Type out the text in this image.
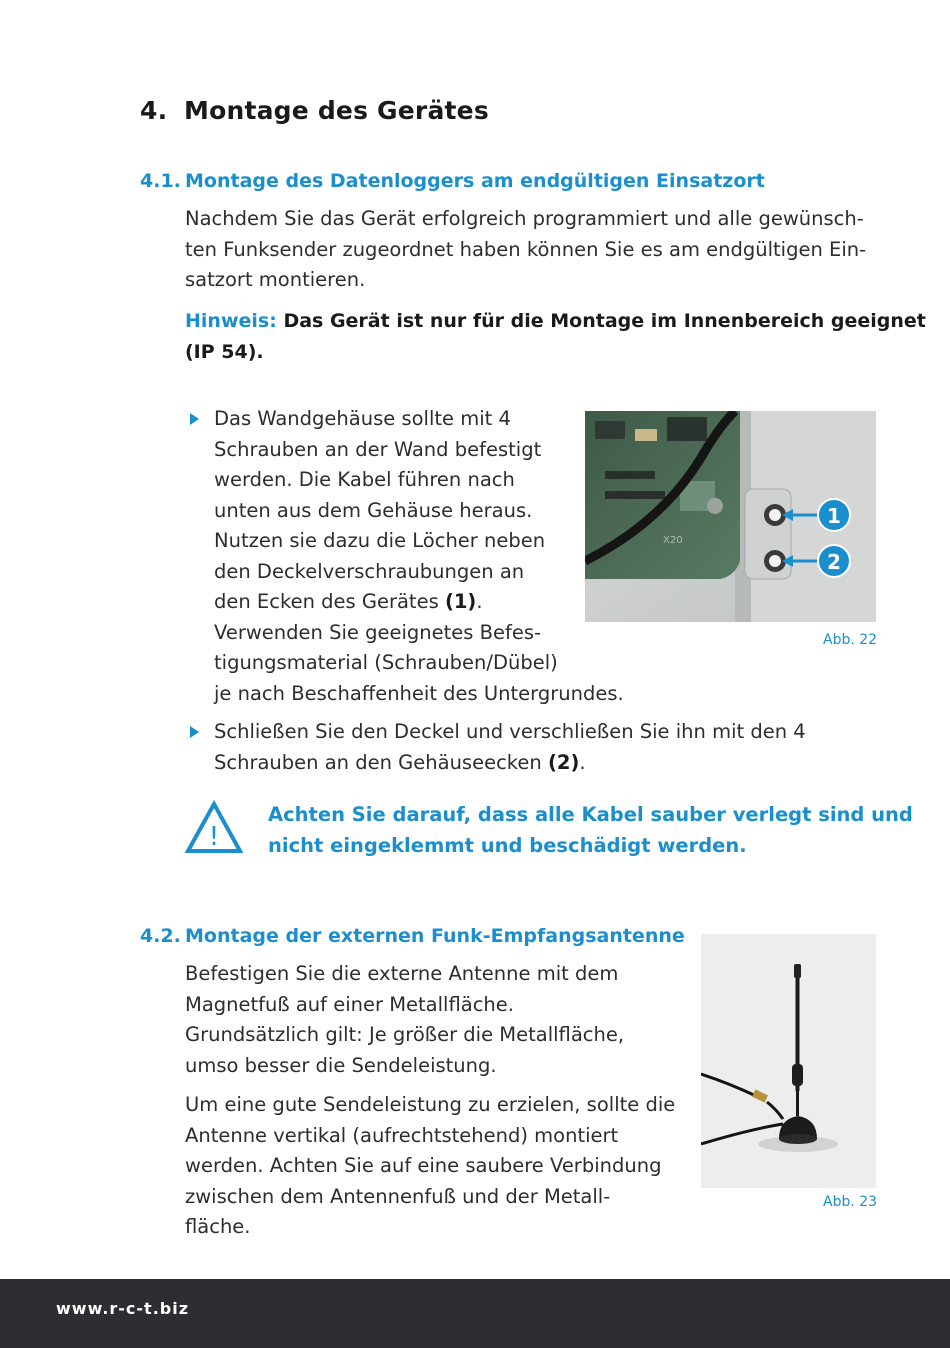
4. Montage des Gerätes
4.1. Montage des Datenloggers am endgültigen Einsatzort
Nachdem Sie das Gerät erfolgreich programmiert und alle gewünsch-
ten Funksender zugeordnet haben können Sie es am endgültigen Ein-
satzort montieren.
Hinweis: Das Gerät ist nur für die Montage im Innenbereich geeignet
(IP 54).
Das Wandgehäuse sollte mit 4
Schrauben an der Wand befestigt
werden. Die Kabel führen nach
unten aus dem Gehäuse heraus.
Nutzen sie dazu die Löcher neben
den Deckelverschraubungen an
den Ecken des Gerätes (1).
Verwenden Sie geeignetes Befes-
tigungsmaterial (Schrauben/Dübel)
je nach Beschaffenheit des Untergrundes.
X20
1
2
Abb. 22
Schließen Sie den Deckel und verschließen Sie ihn mit den 4
Schrauben an den Gehäuseecken (2).
!
Achten Sie darauf, dass alle Kabel sauber verlegt sind und
nicht eingeklemmt und beschädigt werden.
4.2. Montage der externen Funk-Empfangsantenne
Befestigen Sie die externe Antenne mit dem
Magnetfuß auf einer Metallfläche.
Grundsätzlich gilt: Je größer die Metallfläche,
umso besser die Sendeleistung.
Um eine gute Sendeleistung zu erzielen, sollte die
Antenne vertikal (aufrechtstehend) montiert
werden. Achten Sie auf eine saubere Verbindung
zwischen dem Antennenfuß und der Metall-
fläche.
Abb. 23
www.r-c-t.biz
